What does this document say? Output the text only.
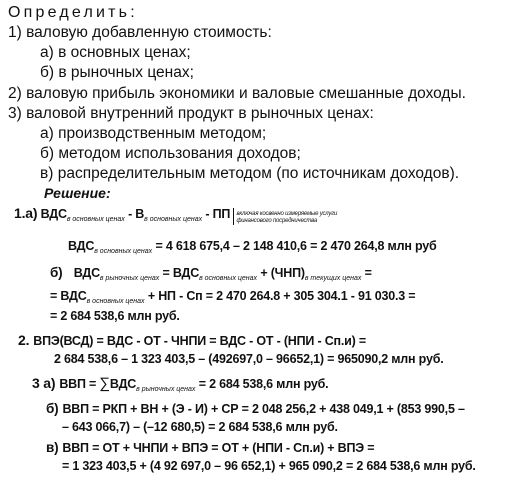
Определить:
1) валовую добавленную стоимость:
а) в основных ценах;
б) в рыночных ценах;
2) валовую прибыль экономики и валовые смешанные доходы.
3) валовой внутренний продукт в рыночных ценах:
а) производственным методом;
б) методом использования доходов;
в) распределительным методом (по источникам доходов).
Решение:
1.а) $ВДС_{в основных ценах} - В_{в основных ценах}$ - ПП включая косвенно измеряемые услуги финансового посредничества
$ВДС_{в основных ценах} = 4$ 618 675,4 – 2 148 410,6 = 2 470 264,8 млн руб
б) $ВДС_{в рыночных ценах} = ВДС_{в основных ценах} + (ЧНП)_{в текущих ценах}$ =
= $ВДС_{в основных ценах}$ + НП - Сп = 2 470 264.8 + 305 304.1 - 91 030.3 =
= 2 684 538,6 млн руб.
2. ВПЭ(ВСД) = ВДС - ОТ - ЧНПИ = ВДС - ОТ - (НПИ - Сп.и) =
2 684 538,6 – 1 323 403,5 – (492697,0 – 96652,1) = 965090,2 млн руб.
3 а) ВВП = $\sum ВДС_{в рыночных ценах} = 2$ 684 538,6 млн руб.
б) ВВП = РКП + ВН + (Э - И) + СР = 2 048 256,2 + 438 049,1 + (853 990,5 –
– 643 066,7) – (–12 680,5) = 2 684 538,6 млн руб.
в) ВВП = ОТ + ЧНПИ + ВПЭ = ОТ + (НПИ - Сп.и) + ВПЭ =
= 1 323 403,5 + (4 92 697,0 – 96 652,1) + 965 090,2 = 2 684 538,6 млн руб.
